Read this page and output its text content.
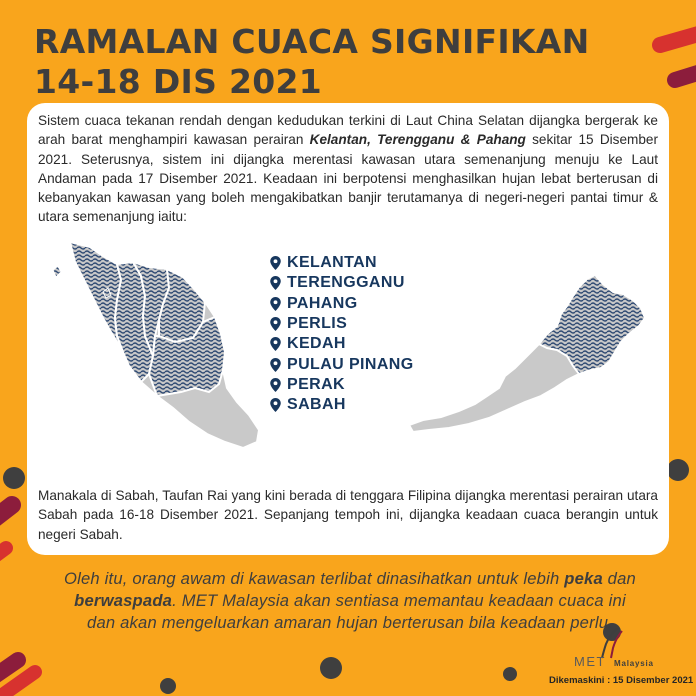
RAMALAN CUACA SIGNIFIKAN
14-18 DIS 2021

Sistem cuaca tekanan rendah dengan kedudukan terkini di Laut China Selatan dijangka bergerak ke arah barat menghampiri kawasan perairan Kelantan, Terengganu & Pahang sekitar 15 Disember 2021. Seterusnya, sistem ini dijangka merentasi kawasan utara semenanjung menuju ke Laut Andaman pada 17 Disember 2021. Keadaan ini berpotensi menghasilkan hujan lebat berterusan di kebanyakan kawasan yang boleh mengakibatkan banjir terutamanya di negeri-negeri pantai timur & utara semenanjung iaitu:

KELANTAN
TERENGGANU
PAHANG
PERLIS
KEDAH
PULAU PINANG
PERAK
SABAH

Manakala di Sabah, Taufan Rai yang kini berada di tenggara Filipina dijangka merentasi perairan utara Sabah pada 16-18 Disember 2021. Sepanjang tempoh ini, dijangka keadaan cuaca berangin untuk negeri Sabah.

Oleh itu, orang awam di kawasan terlibat dinasihatkan untuk lebih peka dan berwaspada. MET Malaysia akan sentiasa memantau keadaan cuaca ini dan akan mengeluarkan amaran hujan berterusan bila keadaan perlu.

MET Malaysia
Dikemaskini : 15 Disember 2021
